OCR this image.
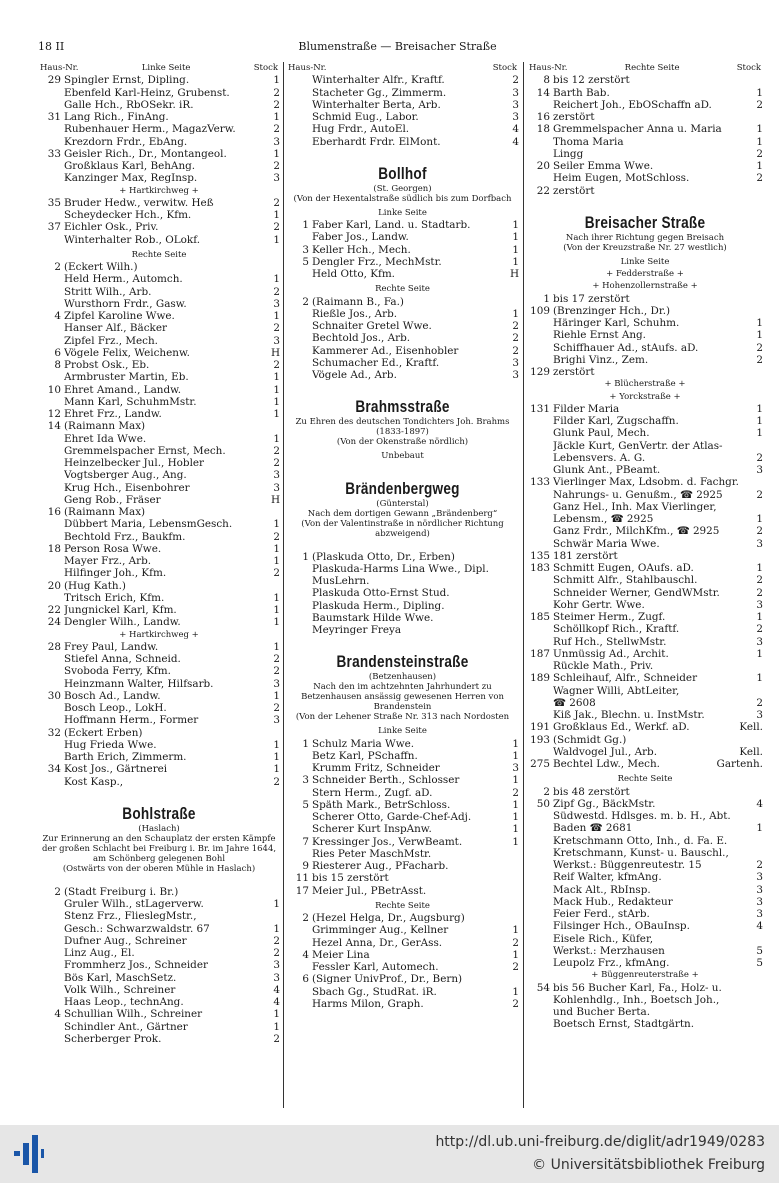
18 II	Blumenstraße — Breisacher Straße
Haus-Nr.	Linke Seite	Stock
29 Spingler Ernst, Dipling.	1
Ebenfeld Karl-Heinz, Grubenst.	2
Galle Hch., RbOSekr. iR.	2
31 Lang Rich., FinAng.	1
Rubenhauer Herm., MagazVerw.	2
Krezdorn Frdr., EbAng.	3
33 Geisler Rich., Dr., Montangeol.	1
Großklaus Karl, BehAng.	2
Kanzinger Max, RegInsp.	3
+ Hartkirchweg +
35 Bruder Hedw., verwitw. Heß	2
Scheydecker Hch., Kfm.	1
37 Eichler Osk., Priv.	2
Winterhalter Rob., OLokf.	1
Rechte Seite
2 (Eckert Wilh.)
Held Herm., Automch.	1
Stritt Wilh., Arb.	2
Wursthorn Frdr., Gasw.	3
4 Zipfel Karoline Wwe.	1
Hanser Alf., Bäcker	2
Zipfel Frz., Mech.	3
6 Vögele Felix, Weichenw.	H
8 Probst Osk., Eb.	2
Armbruster Martin, Eb.	1
10 Ehret Amand., Landw.	1
Mann Karl, SchuhmMstr.	1
12 Ehret Frz., Landw.	1
14 (Raimann Max)
Ehret Ida Wwe.	1
Gremmelspacher Ernst, Mech.	2
Heinzelbecker Jul., Hobler	2
Vogtsberger Aug., Ang.	3
Krug Hch., Eisenbohrer	3
Geng Rob., Fräser	H
16 (Raimann Max)
Dübbert Maria, LebensmGesch.	1
Bechtold Frz., Baukfm.	2
18 Person Rosa Wwe.	1
Mayer Frz., Arb.	1
Hilfinger Joh., Kfm.	2
20 (Hug Kath.)
Tritsch Erich, Kfm.	1
22 Jungnickel Karl, Kfm.	1
24 Dengler Wilh., Landw.	1
+ Hartkirchweg +
28 Frey Paul, Landw.	1
Stiefel Anna, Schneid.	2
Svoboda Ferry, Kfm.	2
Heinzmann Walter, Hilfsarb.	3
30 Bosch Ad., Landw.	1
Bosch Leop., LokH.	2
Hoffmann Herm., Former	3
32 (Eckert Erben)
Hug Frieda Wwe.	1
Barth Erich, Zimmerm.	1
34 Kost Jos., Gärtnerei	1
Kost Kasp.,	2
Bohlstraße
(Haslach)
Zur Erinnerung an den Schauplatz der ersten Kämpfe der großen Schlacht bei Freiburg i. Br. im Jahre 1644, am Schönberg gelegenen Bohl
(Ostwärts von der oberen Mühle in Haslach)
2 (Stadt Freiburg i. Br.)
Gruler Wilh., stLagerverw.	1
Stenz Frz., FlieslegMstr.,
Gesch.: Schwarzwaldstr. 67	1
Dufner Aug., Schreiner	2
Linz Aug., El.	2
Frommherz Jos., Schneider	3
Bös Karl, MaschSetz.	3
Volk Wilh., Schreiner	4
Haas Leop., technAng.	4
4 Schullian Wilh., Schreiner	1
Schindler Ant., Gärtner	1
Scherberger Prok.	2
Haus-Nr.	Stock
Winterhalter Alfr., Kraftf.	2
Stacheter Gg., Zimmerm.	3
Winterhalter Berta, Arb.	3
Schmid Eug., Labor.	3
Hug Frdr., AutoEl.	4
Eberhardt Frdr. ElMont.	4
Bollhof
(St. Georgen)
(Von der Hexentalstraße südlich bis zum Dorfbach
Linke Seite
1 Faber Karl, Land. u. Stadtarb.	1
Faber Jos., Landw.	1
3 Keller Hch., Mech.	1
5 Dengler Frz., MechMstr.	1
Held Otto, Kfm.	H
Rechte Seite
2 (Raimann B., Fa.)
Rießle Jos., Arb.	1
Schnaiter Gretel Wwe.	2
Bechtold Jos., Arb.	2
Kammerer Ad., Eisenhobler	2
Schumacher Ed., Kraftf.	3
Vögele Ad., Arb.	3
Brahmsstraße
Zu Ehren des deutschen Tondichters Joh. Brahms (1833-1897)
(Von der Okenstraße nördlich)
Unbebaut
Brändenbergweg
(Günterstal)
Nach dem dortigen Gewann „Brändenberg“
(Von der Valentinstraße in nördlicher Richtung abzweigend)
1 (Plaskuda Otto, Dr., Erben)
Plaskuda-Harms Lina Wwe., Dipl.
MusLehrn.
Plaskuda Otto-Ernst Stud.
Plaskuda Herm., Dipling.
Baumstark Hilde Wwe.
Meyringer Freya
Brandensteinstraße
(Betzenhausen)
Nach den im achtzehnten Jahrhundert zu Betzenhausen ansässig gewesenen Herren von Brandenstein
(Von der Lehener Straße Nr. 313 nach Nordosten
Linke Seite
1 Schulz Maria Wwe.	1
Betz Karl, PSchaffn.	1
Krumm Fritz, Schneider	3
3 Schneider Berth., Schlosser	1
Stern Herm., Zugf. aD.	2
5 Späth Mark., BetrSchloss.	1
Scherer Otto, Garde-Chef-Adj.	1
Scherer Kurt InspAnw.	1
7 Kressinger Jos., VerwBeamt.	1
Ries Peter MaschMstr.
9 Riesterer Aug., PFacharb.
11 bis 15 zerstört
17 Meier Jul., PBetrAsst.
Rechte Seite
2 (Hezel Helga, Dr., Augsburg)
Grimminger Aug., Kellner	1
Hezel Anna, Dr., GerAss.	2
4 Meier Lina	1
Fessler Karl, Automech.	2
6 (Signer UnivProf., Dr., Bern)
Sbach Gg., StudRat. iR.	1
Harms Milon, Graph.	2
Haus-Nr.	Rechte Seite	Stock
8 bis 12 zerstört
14 Barth Bab.	1
Reichert Joh., EbOSchaffn aD.	2
16 zerstört
18 Gremmelspacher Anna u. Maria	1
Thoma Maria	1
Lingg	2
20 Seiler Emma Wwe.	1
Heim Eugen, MotSchloss.	2
22 zerstört
Breisacher Straße
Nach ihrer Richtung gegen Breisach
(Von der Kreuzstraße Nr. 27 westlich)
Linke Seite
+ Fedderstraße +
+ Hohenzollernstraße +
1 bis 17 zerstört
109 (Brenzinger Hch., Dr.)
Häringer Karl, Schuhm.	1
Riehle Ernst Ang.	1
Schiffhauer Ad., stAufs. aD.	2
Brighi Vinz., Zem.	2
129 zerstört
+ Blücherstraße +
+ Yorckstraße +
131 Filder Maria	1
Filder Karl, Zugschaffn.	1
Glunk Paul, Mech.	1
Jäckle Kurt, GenVertr. der Atlas-
Lebensvers. A. G.	2
Glunk Ant., PBeamt.	3
133 Vierlinger Max, Ldsobm. d. Fachgr.
Nahrungs- u. Genußm., ☎ 2925	2
Ganz Hel., Inh. Max Vierlinger,
Lebensm., ☎ 2925	1
Ganz Frdr., MilchKfm., ☎ 2925	2
Schwär Maria Wwe.	3
135 181 zerstört
183 Schmitt Eugen, OAufs. aD.	1
Schmitt Alfr., Stahlbauschl.	2
Schneider Werner, GendWMstr.	2
Kohr Gertr. Wwe.	3
185 Steimer Herm., Zugf.	1
Schöllkopf Rich., Kraftf.	2
Ruf Hch., StellwMstr.	3
187 Unmüssig Ad., Archit.	1
Rückle Math., Priv.
189 Schleihauf, Alfr., Schneider	1
Wagner Willi, AbtLeiter,
☎ 2608	2
Kiß Jak., Blechn. u. InstMstr.	3
191 Großklaus Ed., Werkf. aD.	Kell.
193 (Schmidt Gg.)
Waldvogel Jul., Arb.	Kell.
275 Bechtel Ldw., Mech.	Gartenh.
Rechte Seite
2 bis 48 zerstört
50 Zipf Gg., BäckMstr.	4
Südwestd. Hdlsges. m. b. H., Abt.
Baden ☎ 2681	1
Kretschmann Otto, Inh., d. Fa. E.
Kretschmann, Kunst- u. Bauschl.,
Werkst.: Büggenreutestr. 15	2
Reif Walter, kfmAng.	3
Mack Alt., RbInsp.	3
Mack Hub., Redakteur	3
Feier Ferd., stArb.	3
Filsinger Hch., OBauInsp.	4
Eisele Rich., Küfer,
Werkst.: Merzhausen	5
Leupolz Frz., kfmAng.	5
+ Büggenreuterstraße +
54 bis 56 Bucher Karl, Fa., Holz- u.
Kohlenhdlg., Inh., Boetsch Joh.,
und Bucher Berta.
Boetsch Ernst, Stadtgärtn.
http://dl.ub.uni-freiburg.de/diglit/adr1949/0283
© Universitätsbibliothek Freiburg
